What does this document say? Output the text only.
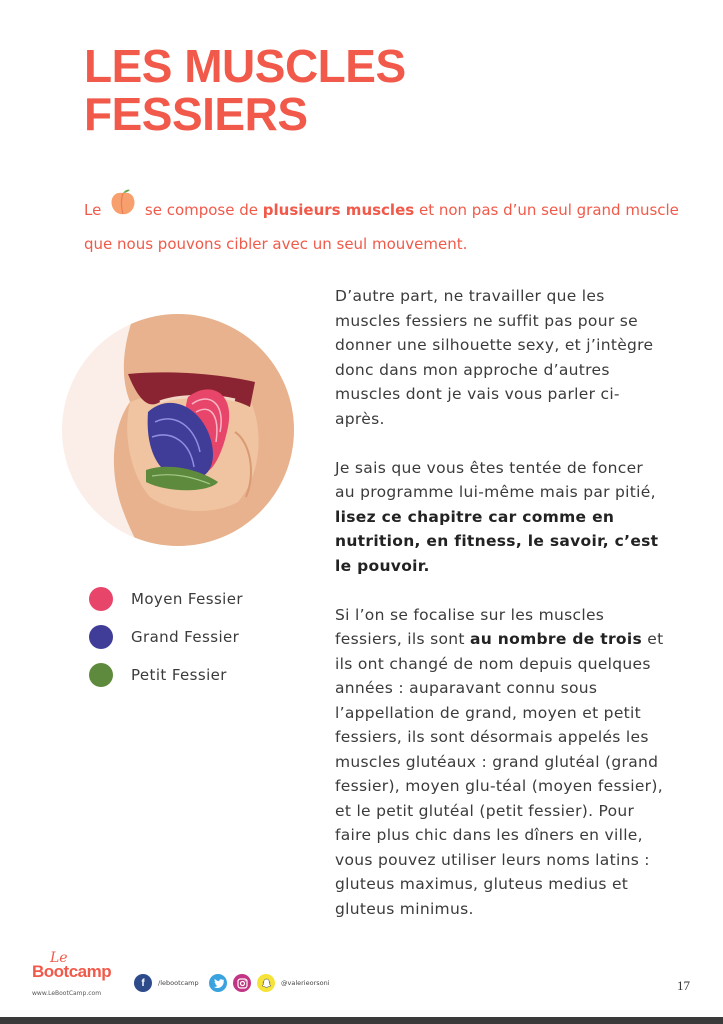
LES MUSCLES
FESSIERS
Le	se compose de plusieurs muscles et non pas d’un seul grand muscle que nous pouvons cibler avec un seul mouvement.
Moyen Fessier
Grand Fessier
Petit Fessier

D’autre part, ne travailler que les muscles fessiers ne suffit pas pour se donner une silhouette sexy, et j’intègre donc dans mon approche d’autres muscles dont je vais vous parler ci-après.

Je sais que vous êtes tentée de foncer au programme lui-même mais par pitié, lisez ce chapitre car comme en nutrition, en fitness, le savoir, c’est le pouvoir.

Si l’on se focalise sur les muscles fessiers, ils sont au nombre de trois et ils ont changé de nom depuis quelques années : auparavant connu sous l’appellation de grand, moyen et petit fessiers, ils sont désormais appelés les muscles glutéaux : grand glutéal (grand fessier), moyen glu-téal (moyen fessier), et le petit glutéal (petit fessier). Pour faire plus chic dans les dîners en ville, vous pouvez utiliser leurs noms latins : gluteus maximus, gluteus medius et gluteus minimus.

Le
Bootcamp
www.LeBootCamp.com
f	/lebootcamp	@valerieorsoni	17
